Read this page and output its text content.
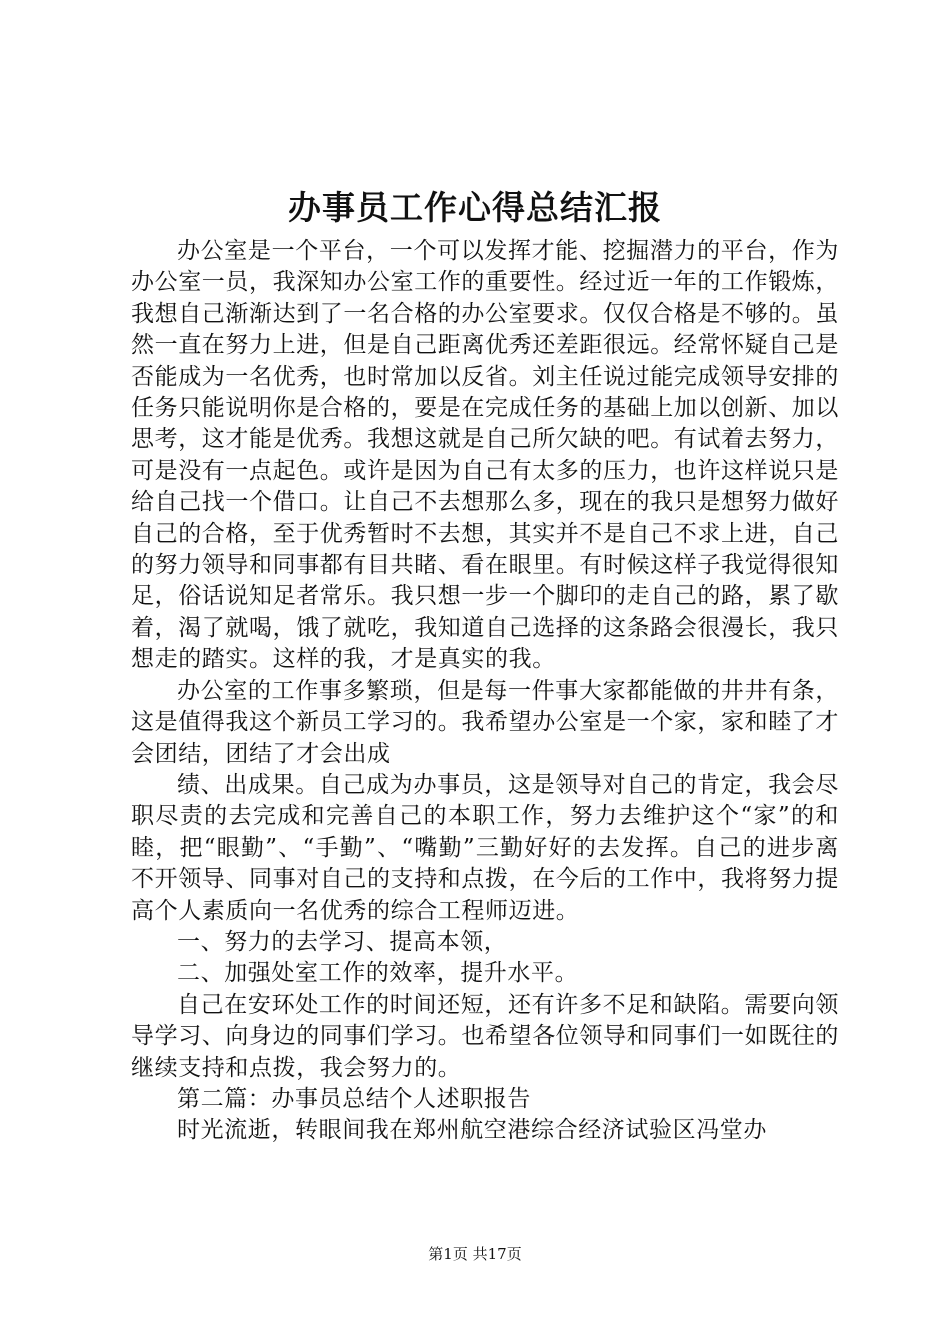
办事员工作心得总结汇报

办公室是一个平台，一个可以发挥才能、挖掘潜力的平台，作为办公室一员，我深知办公室工作的重要性。经过近一年的工作锻炼，我想自己渐渐达到了一名合格的办公室要求。仅仅合格是不够的。虽然一直在努力上进，但是自己距离优秀还差距很远。经常怀疑自己是否能成为一名优秀，也时常加以反省。刘主任说过能完成领导安排的任务只能说明你是合格的，要是在完成任务的基础上加以创新、加以思考，这才能是优秀。我想这就是自己所欠缺的吧。有试着去努力，可是没有一点起色。或许是因为自己有太多的压力，也许这样说只是给自己找一个借口。让自己不去想那么多，现在的我只是想努力做好自己的合格，至于优秀暂时不去想，其实并不是自己不求上进，自己的努力领导和同事都有目共睹、看在眼里。有时候这样子我觉得很知足，俗话说知足者常乐。我只想一步一个脚印的走自己的路，累了歇着，渴了就喝，饿了就吃，我知道自己选择的这条路会很漫长，我只想走的踏实。这样的我，才是真实的我。

办公室的工作事多繁琐，但是每一件事大家都能做的井井有条，这是值得我这个新员工学习的。我希望办公室是一个家，家和睦了才会团结，团结了才会出成

绩、出成果。自己成为办事员，这是领导对自己的肯定，我会尽职尽责的去完成和完善自己的本职工作，努力去维护这个“家”的和睦，把“眼勤”、“手勤”、“嘴勤”三勤好好的去发挥。自己的进步离不开领导、同事对自己的支持和点拨，在今后的工作中，我将努力提高个人素质向一名优秀的综合工程师迈进。

一、努力的去学习、提高本领，

二、加强处室工作的效率，提升水平。

自己在安环处工作的时间还短，还有许多不足和缺陷。需要向领导学习、向身边的同事们学习。也希望各位领导和同事们一如既往的继续支持和点拨，我会努力的。

第二篇：办事员总结个人述职报告

时光流逝，转眼间我在郑州航空港综合经济试验区冯堂办

第1页 共17页
